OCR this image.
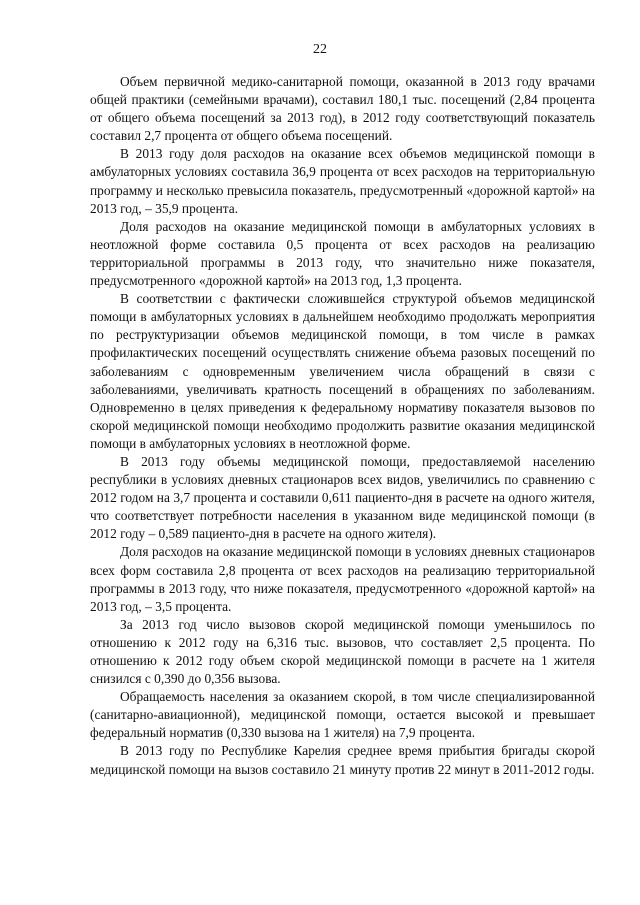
22

Объем первичной медико-санитарной помощи, оказанной в 2013 году врачами общей практики (семейными врачами), составил 180,1 тыс. посещений (2,84 процента от общего объема посещений за 2013 год), в 2012 году соответствующий показатель составил 2,7 процента от общего объема посещений.

В 2013 году доля расходов на оказание всех объемов медицинской помощи в амбулаторных условиях составила 36,9 процента от всех расходов на территориальную программу и несколько превысила показатель, предусмотренный «дорожной картой» на 2013 год, – 35,9 процента.

Доля расходов на оказание медицинской помощи в амбулаторных условиях в неотложной форме составила 0,5 процента от всех расходов на реализацию территориальной программы в 2013 году, что значительно ниже показателя, предусмотренного «дорожной картой» на 2013 год, 1,3 процента.

В соответствии с фактически сложившейся структурой объемов медицинской помощи в амбулаторных условиях в дальнейшем необходимо продолжать мероприятия по реструктуризации объемов медицинской помощи, в том числе в рамках профилактических посещений осуществлять снижение объема разовых посещений по заболеваниям с одновременным увеличением числа обращений в связи с заболеваниями, увеличивать кратность посещений в обращениях по заболеваниям. Одновременно в целях приведения к федеральному нормативу показателя вызовов по скорой медицинской помощи необходимо продолжить развитие оказания медицинской помощи в амбулаторных условиях в неотложной форме.

В 2013 году объемы медицинской помощи, предоставляемой населению республики в условиях дневных стационаров всех видов, увеличились по сравнению с 2012 годом на 3,7 процента и составили 0,611 пациенто-дня в расчете на одного жителя, что соответствует потребности населения в указанном виде медицинской помощи (в 2012 году – 0,589 пациенто-дня в расчете на одного жителя).

Доля расходов на оказание медицинской помощи в условиях дневных стационаров всех форм составила 2,8 процента от всех расходов на реализацию территориальной программы в 2013 году, что ниже показателя, предусмотренного «дорожной картой» на 2013 год, – 3,5 процента.

За 2013 год число вызовов скорой медицинской помощи уменьшилось по отношению к 2012 году на 6,316 тыс. вызовов, что составляет 2,5 процента. По отношению к 2012 году объем скорой медицинской помощи в расчете на 1 жителя снизился с 0,390 до 0,356 вызова.

Обращаемость населения за оказанием скорой, в том числе специализированной (санитарно-авиационной), медицинской помощи, остается высокой и превышает федеральный норматив (0,330 вызова на 1 жителя) на 7,9 процента.

В 2013 году по Республике Карелия среднее время прибытия бригады скорой медицинской помощи на вызов составило 21 минуту против 22 минут в 2011-2012 годы.
